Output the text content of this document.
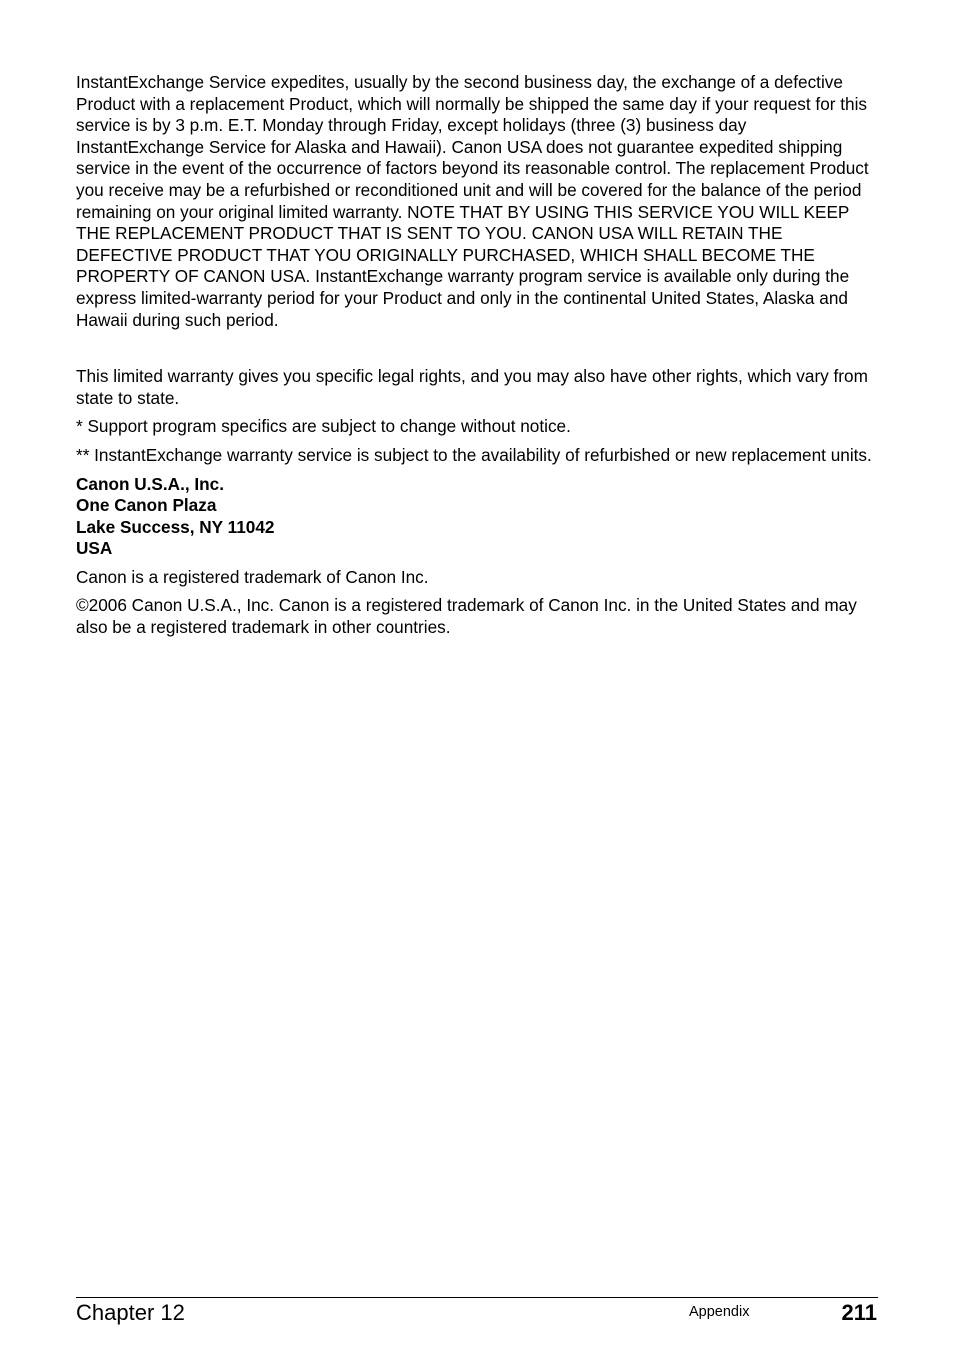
InstantExchange Service expedites, usually by the second business day, the exchange of a defective Product with a replacement Product, which will normally be shipped the same day if your request for this service is by 3 p.m. E.T. Monday through Friday, except holidays (three (3) business day InstantExchange Service for Alaska and Hawaii). Canon USA does not guarantee expedited shipping service in the event of the occurrence of factors beyond its reasonable control. The replacement Product you receive may be a refurbished or reconditioned unit and will be covered for the balance of the period remaining on your original limited warranty. NOTE THAT BY USING THIS SERVICE YOU WILL KEEP THE REPLACEMENT PRODUCT THAT IS SENT TO YOU. CANON USA WILL RETAIN THE DEFECTIVE PRODUCT THAT YOU ORIGINALLY PURCHASED, WHICH SHALL BECOME THE PROPERTY OF CANON USA. InstantExchange warranty program service is available only during the express limited-warranty period for your Product and only in the continental United States, Alaska and Hawaii during such period.

This limited warranty gives you specific legal rights, and you may also have other rights, which vary from state to state.

* Support program specifics are subject to change without notice.

** InstantExchange warranty service is subject to the availability of refurbished or new replacement units.

Canon U.S.A., Inc.
One Canon Plaza
Lake Success, NY 11042
USA

Canon is a registered trademark of Canon Inc.

©2006 Canon U.S.A., Inc. Canon is a registered trademark of Canon Inc. in the United States and may also be a registered trademark in other countries.

Chapter 12	Appendix	211
